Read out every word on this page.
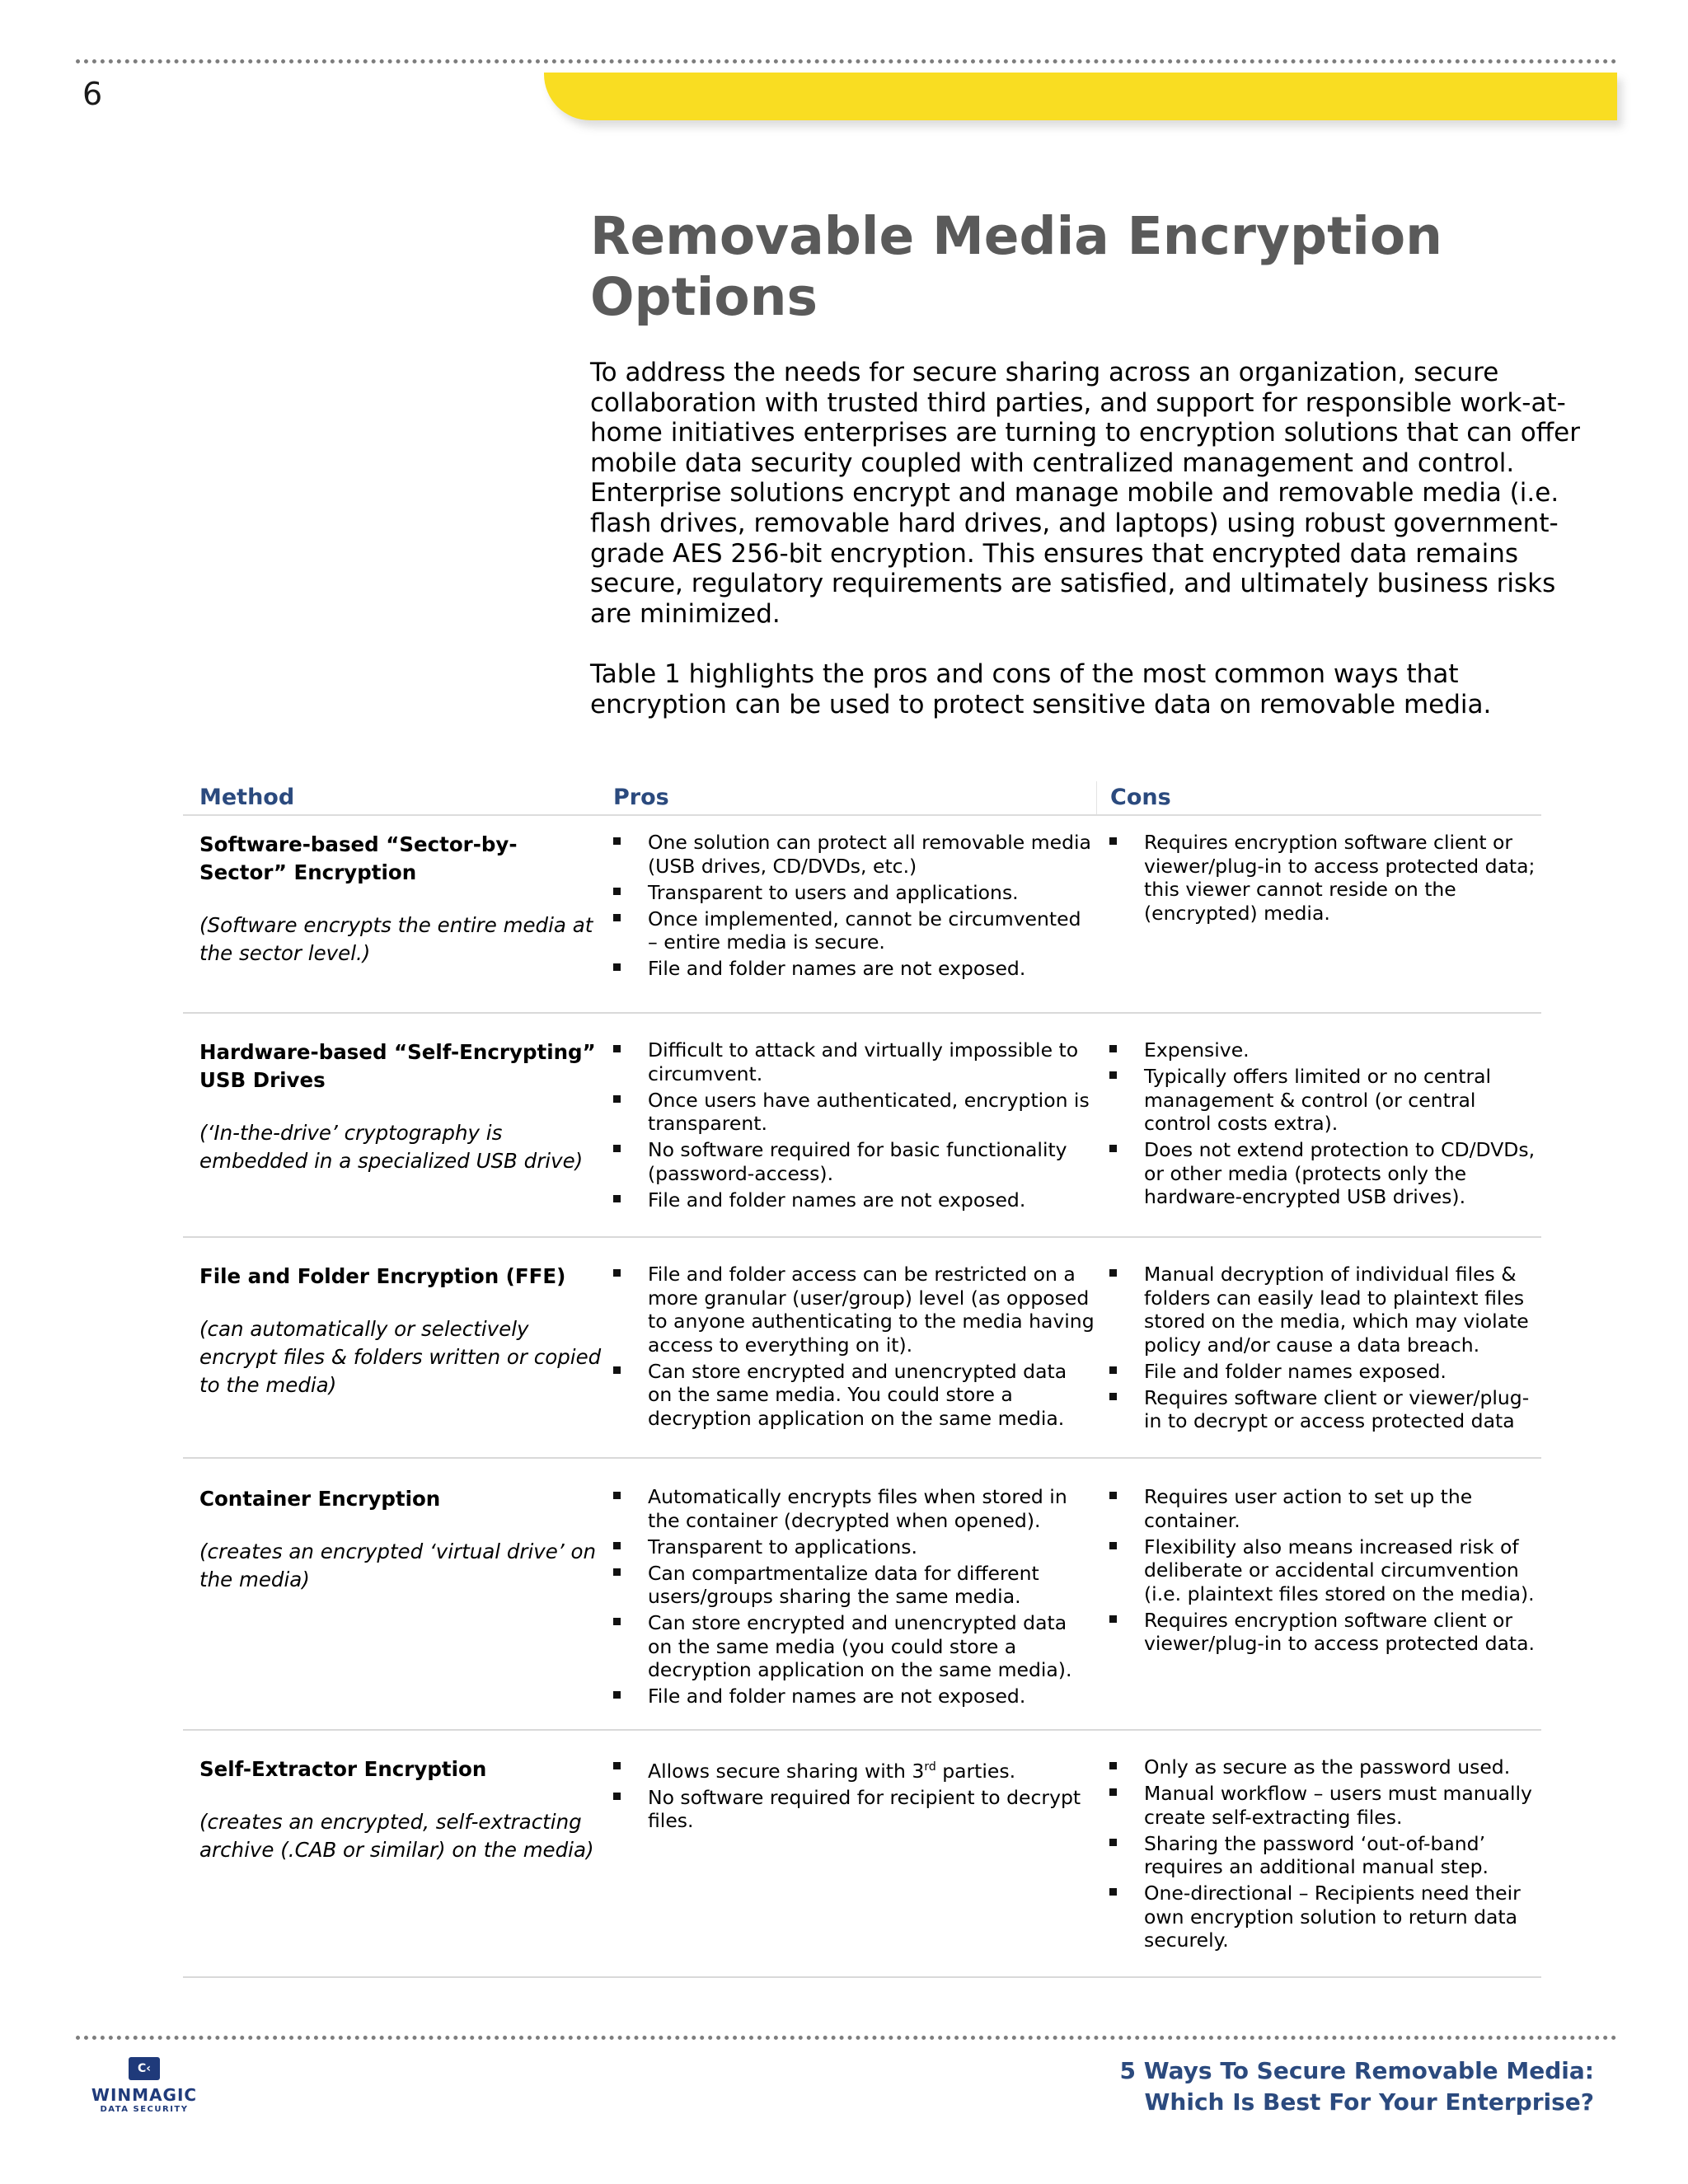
6
Removable Media Encryption Options

To address the needs for secure sharing across an organization, secure collaboration with trusted third parties, and support for responsible work-at-home initiatives enterprises are turning to encryption solutions that can offer mobile data security coupled with centralized management and control. Enterprise solutions encrypt and manage mobile and removable media (i.e. flash drives, removable hard drives, and laptops) using robust government-grade AES 256-bit encryption. This ensures that encrypted data remains secure, regulatory requirements are satisfied, and ultimately business risks are minimized.

Table 1 highlights the pros and cons of the most common ways that encryption can be used to protect sensitive data on removable media.

Method	Pros	Cons
Software-based “Sector-by-Sector” Encryption
(Software encrypts the entire media at the sector level.)
One solution can protect all removable media (USB drives, CD/DVDs, etc.)
Transparent to users and applications.
Once implemented, cannot be circumvented – entire media is secure.
File and folder names are not exposed.
Requires encryption software client or viewer/plug-in to access protected data; this viewer cannot reside on the (encrypted) media.
Hardware-based “Self-Encrypting” USB Drives
(‘In-the-drive’ cryptography is embedded in a specialized USB drive)
Difficult to attack and virtually impossible to circumvent.
Once users have authenticated, encryption is transparent.
No software required for basic functionality (password-access).
File and folder names are not exposed.
Expensive.
Typically offers limited or no central management & control (or central control costs extra).
Does not extend protection to CD/DVDs, or other media (protects only the hardware-encrypted USB drives).
File and Folder Encryption (FFE)
(can automatically or selectively encrypt files & folders written or copied to the media)
File and folder access can be restricted on a more granular (user/group) level (as opposed to anyone authenticating to the media having access to everything on it).
Can store encrypted and unencrypted data on the same media. You could store a decryption application on the same media.
Manual decryption of individual files & folders can easily lead to plaintext files stored on the media, which may violate policy and/or cause a data breach.
File and folder names exposed.
Requires software client or viewer/plug-in to decrypt or access protected data
Container Encryption
(creates an encrypted ‘virtual drive’ on the media)
Automatically encrypts files when stored in the container (decrypted when opened).
Transparent to applications.
Can compartmentalize data for different users/groups sharing the same media.
Can store encrypted and unencrypted data on the same media (you could store a decryption application on the same media).
File and folder names are not exposed.
Requires user action to set up the container.
Flexibility also means increased risk of deliberate or accidental circumvention (i.e. plaintext files stored on the media).
Requires encryption software client or viewer/plug-in to access protected data.
Self-Extractor Encryption
(creates an encrypted, self-extracting archive (.CAB or similar) on the media)
Allows secure sharing with 3rd parties.
No software required for recipient to decrypt files.
Only as secure as the password used.
Manual workflow – users must manually create self-extracting files.
Sharing the password ‘out-of-band’ requires an additional manual step.
One-directional – Recipients need their own encryption solution to return data securely.
C‹
WINMAGIC
DATA SECURITY
5 Ways To Secure Removable Media:
Which Is Best For Your Enterprise?
